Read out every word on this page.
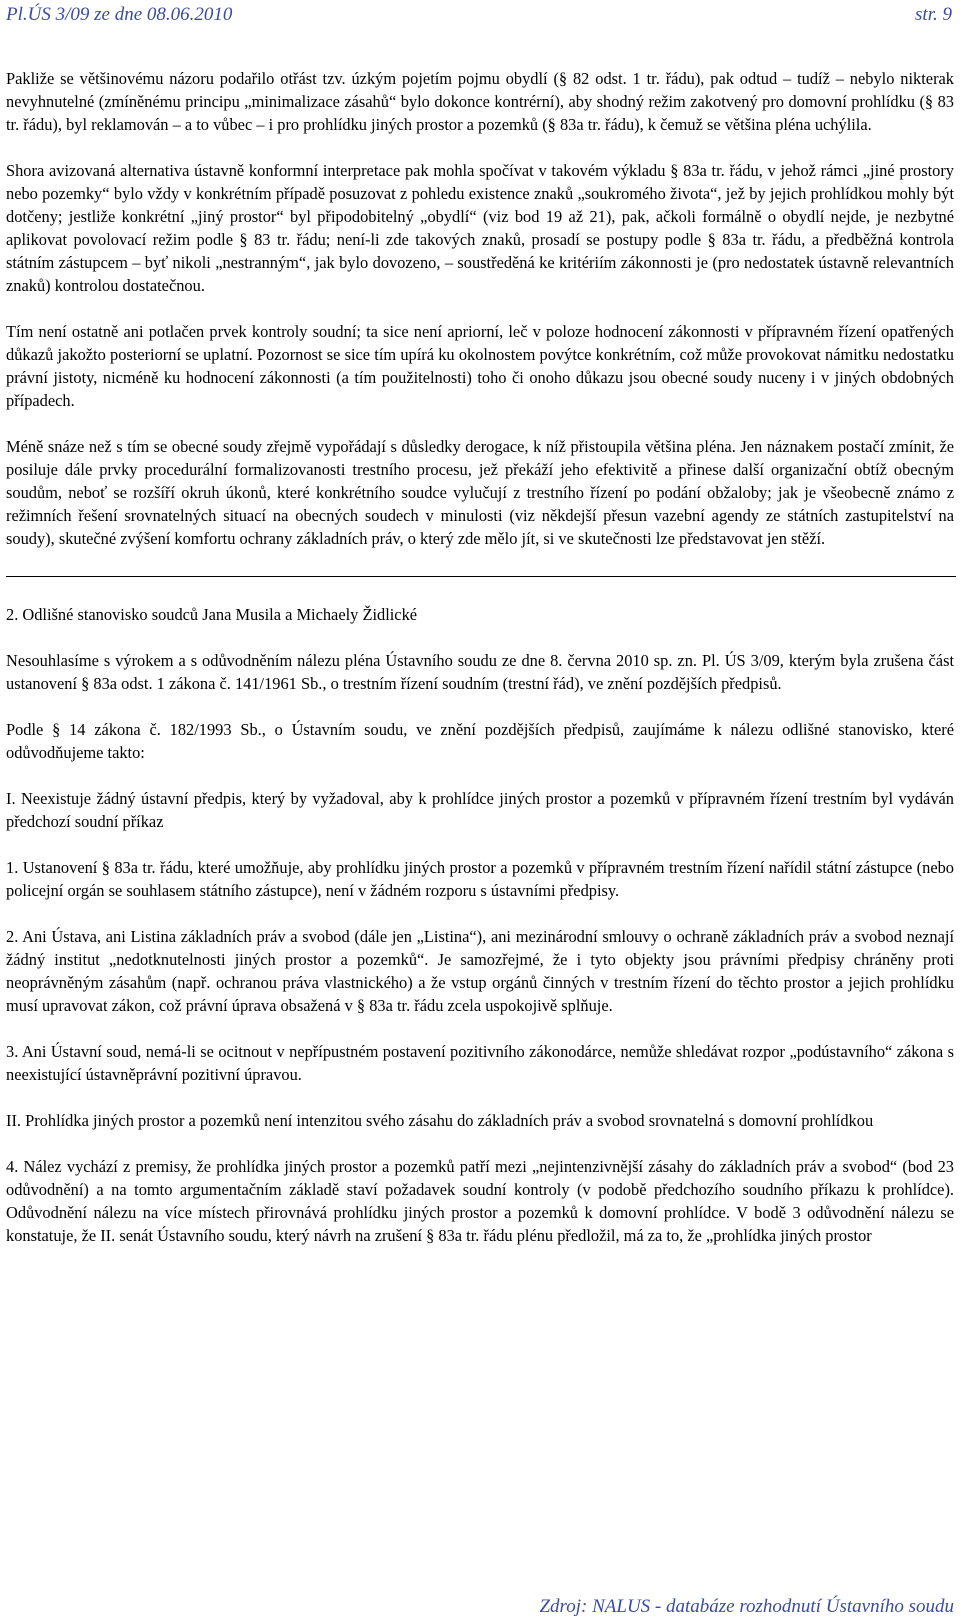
Pl.ÚS 3/09 ze dne 08.06.2010	str. 9

Pakliže se většinovému názoru podařilo otřást tzv. úzkým pojetím pojmu obydlí (§ 82 odst. 1 tr. řádu), pak odtud – tudíž – nebylo nikterak nevyhnutelné (zmíněnému principu „minimalizace zásahů“ bylo dokonce kontrérní), aby shodný režim zakotvený pro domovní prohlídku (§ 83 tr. řádu), byl reklamován – a to vůbec – i pro prohlídku jiných prostor a pozemků (§ 83a tr. řádu), k čemuž se většina pléna uchýlila.

Shora avizovaná alternativa ústavně konformní interpretace pak mohla spočívat v takovém výkladu § 83a tr. řádu, v jehož rámci „jiné prostory nebo pozemky“ bylo vždy v konkrétním případě posuzovat z pohledu existence znaků „soukromého života“, jež by jejich prohlídkou mohly být dotčeny; jestliže konkrétní „jiný prostor“ byl připodobitelný „obydlí“ (viz bod 19 až 21), pak, ačkoli formálně o obydlí nejde, je nezbytné aplikovat povolovací režim podle § 83 tr. řádu; není-li zde takových znaků, prosadí se postupy podle § 83a tr. řádu, a předběžná kontrola státním zástupcem – byť nikoli „nestranným“, jak bylo dovozeno, – soustředěná ke kritériím zákonnosti je (pro nedostatek ústavně relevantních znaků) kontrolou dostatečnou.

Tím není ostatně ani potlačen prvek kontroly soudní; ta sice není apriorní, leč v poloze hodnocení zákonnosti v přípravném řízení opatřených důkazů jakožto posteriorní se uplatní. Pozornost se sice tím upírá ku okolnostem povýtce konkrétním, což může provokovat námitku nedostatku právní jistoty, nicméně ku hodnocení zákonnosti (a tím použitelnosti) toho či onoho důkazu jsou obecné soudy nuceny i v jiných obdobných případech.

Méně snáze než s tím se obecné soudy zřejmě vypořádají s důsledky derogace, k níž přistoupila většina pléna. Jen náznakem postačí zmínit, že posiluje dále prvky procedurální formalizovanosti trestního procesu, jež překáží jeho efektivitě a přinese další organizační obtíž obecným soudům, neboť se rozšíří okruh úkonů, které konkrétního soudce vylučují z trestního řízení po podání obžaloby; jak je všeobecně známo z režimních řešení srovnatelných situací na obecných soudech v minulosti (viz někdejší přesun vazební agendy ze státních zastupitelství na soudy), skutečné zvýšení komfortu ochrany základních práv, o který zde mělo jít, si ve skutečnosti lze představovat jen stěží.

2. Odlišné stanovisko soudců Jana Musila a Michaely Židlické

Nesouhlasíme s výrokem a s odůvodněním nálezu pléna Ústavního soudu ze dne 8. června 2010 sp. zn. Pl. ÚS 3/09, kterým byla zrušena část ustanovení § 83a odst. 1 zákona č. 141/1961 Sb., o trestním řízení soudním (trestní řád), ve znění pozdějších předpisů.

Podle § 14 zákona č. 182/1993 Sb., o Ústavním soudu, ve znění pozdějších předpisů, zaujímáme k nálezu odlišné stanovisko, které odůvodňujeme takto:

I. Neexistuje žádný ústavní předpis, který by vyžadoval, aby k prohlídce jiných prostor a pozemků v přípravném řízení trestním byl vydáván předchozí soudní příkaz

1. Ustanovení § 83a tr. řádu, které umožňuje, aby prohlídku jiných prostor a pozemků v přípravném trestním řízení nařídil státní zástupce (nebo policejní orgán se souhlasem státního zástupce), není v žádném rozporu s ústavními předpisy.

2. Ani Ústava, ani Listina základních práv a svobod (dále jen „Listina“), ani mezinárodní smlouvy o ochraně základních práv a svobod neznají žádný institut „nedotknutelnosti jiných prostor a pozemků“. Je samozřejmé, že i tyto objekty jsou právními předpisy chráněny proti neoprávněným zásahům (např. ochranou práva vlastnického) a že vstup orgánů činných v trestním řízení do těchto prostor a jejich prohlídku musí upravovat zákon, což právní úprava obsažená v § 83a tr. řádu zcela uspokojivě splňuje.

3. Ani Ústavní soud, nemá-li se ocitnout v nepřípustném postavení pozitivního zákonodárce, nemůže shledávat rozpor „podústavního“ zákona s neexistující ústavněprávní pozitivní úpravou.

II. Prohlídka jiných prostor a pozemků není intenzitou svého zásahu do základních práv a svobod srovnatelná s domovní prohlídkou

4. Nález vychází z premisy, že prohlídka jiných prostor a pozemků patří mezi „nejintenzivnější zásahy do základních práv a svobod“ (bod 23 odůvodnění) a na tomto argumentačním základě staví požadavek soudní kontroly (v podobě předchozího soudního příkazu k prohlídce). Odůvodnění nálezu na více místech přirovnává prohlídku jiných prostor a pozemků k domovní prohlídce. V bodě 3 odůvodnění nálezu se konstatuje, že II. senát Ústavního soudu, který návrh na zrušení § 83a tr. řádu plénu předložil, má za to, že „prohlídka jiných prostor

Zdroj: NALUS - databáze rozhodnutí Ústavního soudu
